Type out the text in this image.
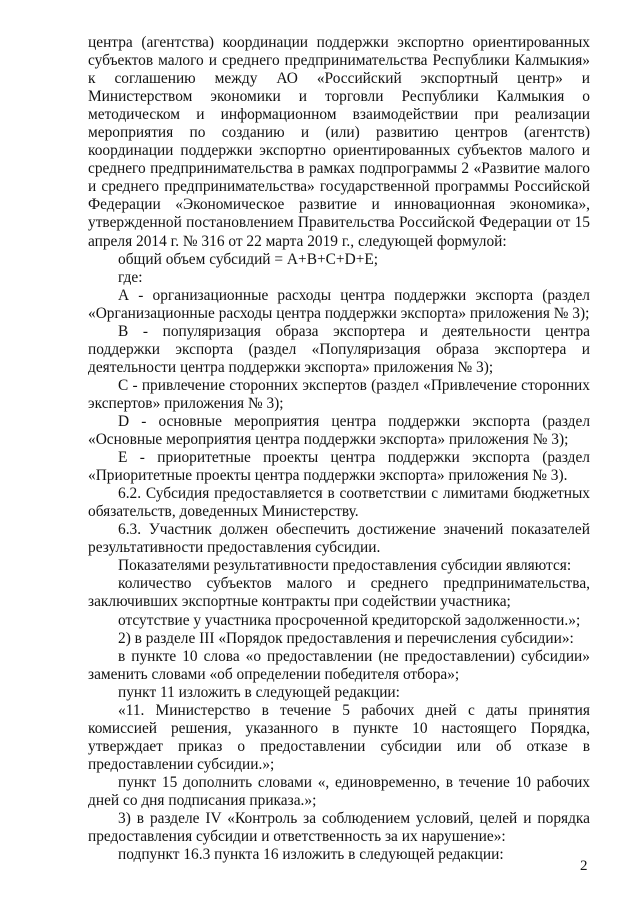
центра (агентства) координации поддержки экспортно ориентированных субъектов малого и среднего предпринимательства Республики Калмыкия» к соглашению между АО «Российский экспортный центр» и Министерством экономики и торговли Республики Калмыкия о методическом и информационном взаимодействии при реализации мероприятия по созданию и (или) развитию центров (агентств) координации поддержки экспортно ориентированных субъектов малого и среднего предпринимательства в рамках подпрограммы 2 «Развитие малого и среднего предпринимательства» государственной программы Российской Федерации «Экономическое развитие и инновационная экономика», утвержденной постановлением Правительства Российской Федерации от 15 апреля 2014 г. № 316 от 22 марта 2019 г., следующей формулой:

общий объем субсидий = A+B+C+D+E;

где:

А - организационные расходы центра поддержки экспорта (раздел «Организационные расходы центра поддержки экспорта» приложения № 3);

В - популяризация образа экспортера и деятельности центра поддержки экспорта (раздел «Популяризация образа экспортера и деятельности центра поддержки экспорта» приложения № 3);

С - привлечение сторонних экспертов (раздел «Привлечение сторонних экспертов» приложения № 3);

D - основные мероприятия центра поддержки экспорта (раздел «Основные мероприятия центра поддержки экспорта» приложения № 3);

Е - приоритетные проекты центра поддержки экспорта (раздел «Приоритетные проекты центра поддержки экспорта» приложения № 3).

6.2. Субсидия предоставляется в соответствии с лимитами бюджетных обязательств, доведенных Министерству.

6.3. Участник должен обеспечить достижение значений показателей результативности предоставления субсидии.

Показателями результативности предоставления субсидии являются:

количество субъектов малого и среднего предпринимательства, заключивших экспортные контракты при содействии участника;

отсутствие у участника просроченной кредиторской задолженности.»;

2) в разделе III «Порядок предоставления и перечисления субсидии»:

в пункте 10 слова «о предоставлении (не предоставлении) субсидии» заменить словами «об определении победителя отбора»;

пункт 11 изложить в следующей редакции:

«11. Министерство в течение 5 рабочих дней с даты принятия комиссией решения, указанного в пункте 10 настоящего Порядка, утверждает приказ о предоставлении субсидии или об отказе в предоставлении субсидии.»;

пункт 15 дополнить словами «, единовременно, в течение 10 рабочих дней со дня подписания приказа.»;

3) в разделе IV «Контроль за соблюдением условий, целей и порядка предоставления субсидии и ответственность за их нарушение»:

подпункт 16.3 пункта 16 изложить в следующей редакции:

2
